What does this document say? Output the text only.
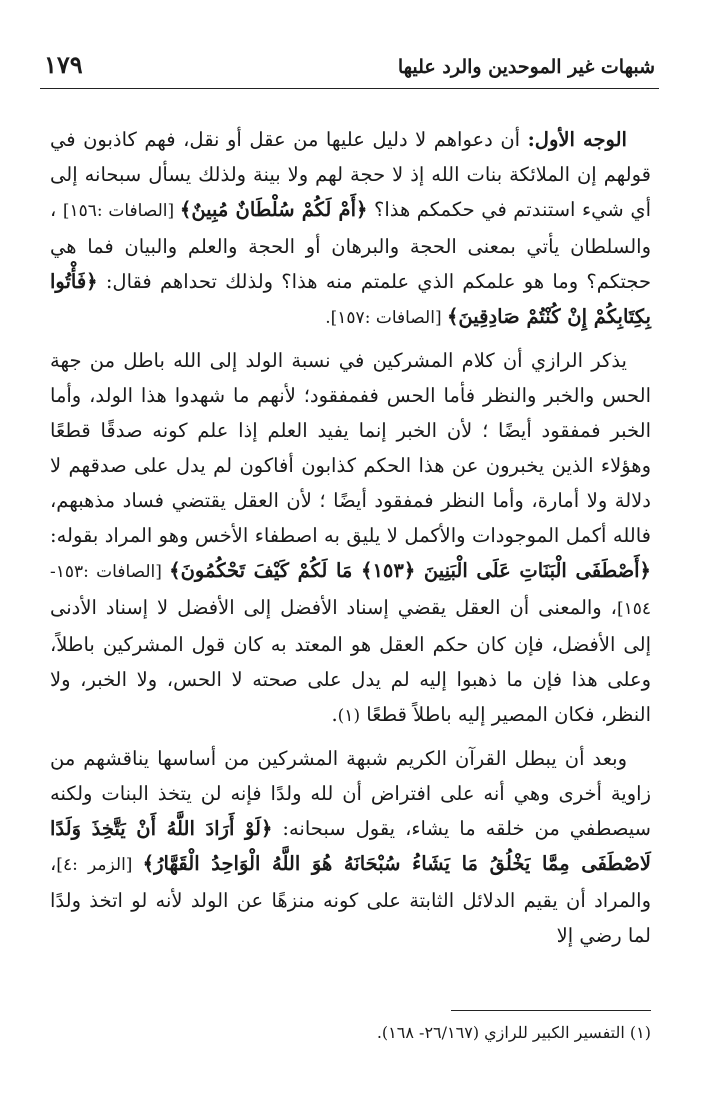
شبهات غير الموحدين والرد عليها
١٧٩

الوجه الأول: أن دعواهم لا دليل عليها من عقل أو نقل، فهم كاذبون في قولهم إن الملائكة بنات الله إذ لا حجة لهم ولا بينة ولذلك يسأل سبحانه إلى أي شيء استندتم في حكمكم هذا؟ ﴿أَمْ لَكُمْ سُلْطَانٌ مُبِينٌ﴾ [الصافات :١٥٦] ، والسلطان يأتي بمعنى الحجة والبرهان أو الحجة والعلم والبيان فما هي حجتكم؟ وما هو علمكم الذي علمتم منه هذا؟ ولذلك تحداهم فقال: ﴿فَأْتُوا بِكِتَابِكُمْ إِنْ كُنْتُمْ صَادِقِينَ﴾ [الصافات :١٥٧].

يذكر الرازي أن كلام المشركين في نسبة الولد إلى الله باطل من جهة الحس والخبر والنظر فأما الحس ففمفقود؛ لأنهم ما شهدوا هذا الولد، وأما الخبر فمفقود أيضًا ؛ لأن الخبر إنما يفيد العلم إذا علم كونه صدقًا قطعًا وهؤلاء الذين يخبرون عن هذا الحكم كذابون أفاكون لم يدل على صدقهم لا دلالة ولا أمارة، وأما النظر فمفقود أيضًا ؛ لأن العقل يقتضي فساد مذهبهم، فالله أكمل الموجودات والأكمل لا يليق به اصطفاء الأخس وهو المراد بقوله: ﴿أَصْطَفَى الْبَنَاتِ عَلَى الْبَنِينَ ﴿١٥٣﴾ مَا لَكُمْ كَيْفَ تَحْكُمُونَ﴾ [الصافات :١٥٣- ١٥٤]، والمعنى أن العقل يقضي إسناد الأفضل إلى الأفضل لا إسناد الأدنى إلى الأفضل، فإن كان حكم العقل هو المعتد به كان قول المشركين باطلاً، وعلى هذا فإن ما ذهبوا إليه لم يدل على صحته لا الحس، ولا الخبر، ولا النظر، فكان المصير إليه باطلاً قطعًا (١).

وبعد أن يبطل القرآن الكريم شبهة المشركين من أساسها يناقشهم من زاوية أخرى وهي أنه على افتراض أن لله ولدًا فإنه لن يتخذ البنات ولكنه سيصطفي من خلقه ما يشاء، يقول سبحانه: ﴿لَوْ أَرَادَ اللَّهُ أَنْ يَتَّخِذَ وَلَدًا لَاصْطَفَى مِمَّا يَخْلُقُ مَا يَشَاءُ سُبْحَانَهُ هُوَ اللَّهُ الْوَاحِدُ الْقَهَّارُ﴾ [الزمر :٤]، والمراد أن يقيم الدلائل الثابتة على كونه منزهًا عن الولد لأنه لو اتخذ ولدًا لما رضي إلا

(١) التفسير الكبير للرازي (٢٦/١٦٧- ١٦٨).
